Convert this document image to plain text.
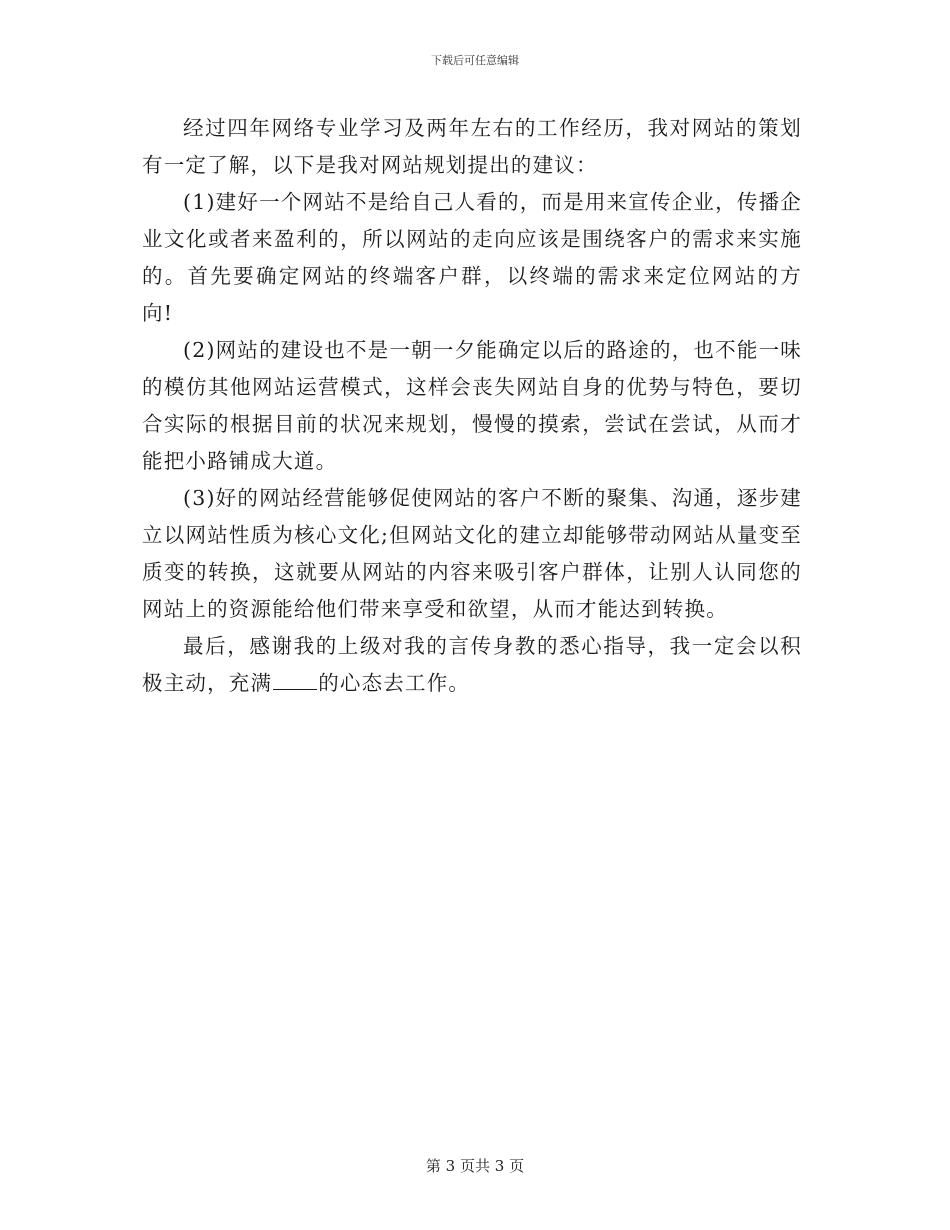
下载后可任意编辑

经过四年网络专业学习及两年左右的工作经历，我对网站的策划有一定了解，以下是我对网站规划提出的建议：

(1)建好一个网站不是给自己人看的，而是用来宣传企业，传播企业文化或者来盈利的，所以网站的走向应该是围绕客户的需求来实施的。首先要确定网站的终端客户群，以终端的需求来定位网站的方向!

(2)网站的建设也不是一朝一夕能确定以后的路途的，也不能一味的模仿其他网站运营模式，这样会丧失网站自身的优势与特色，要切合实际的根据目前的状况来规划，慢慢的摸索，尝试在尝试，从而才能把小路铺成大道。

(3)好的网站经营能够促使网站的客户不断的聚集、沟通，逐步建立以网站性质为核心文化;但网站文化的建立却能够带动网站从量变至质变的转换，这就要从网站的内容来吸引客户群体，让别人认同您的网站上的资源能给他们带来享受和欲望，从而才能达到转换。

最后，感谢我的上级对我的言传身教的悉心指导，我一定会以积极主动，充满 的心态去工作。

第 3 页共 3 页
